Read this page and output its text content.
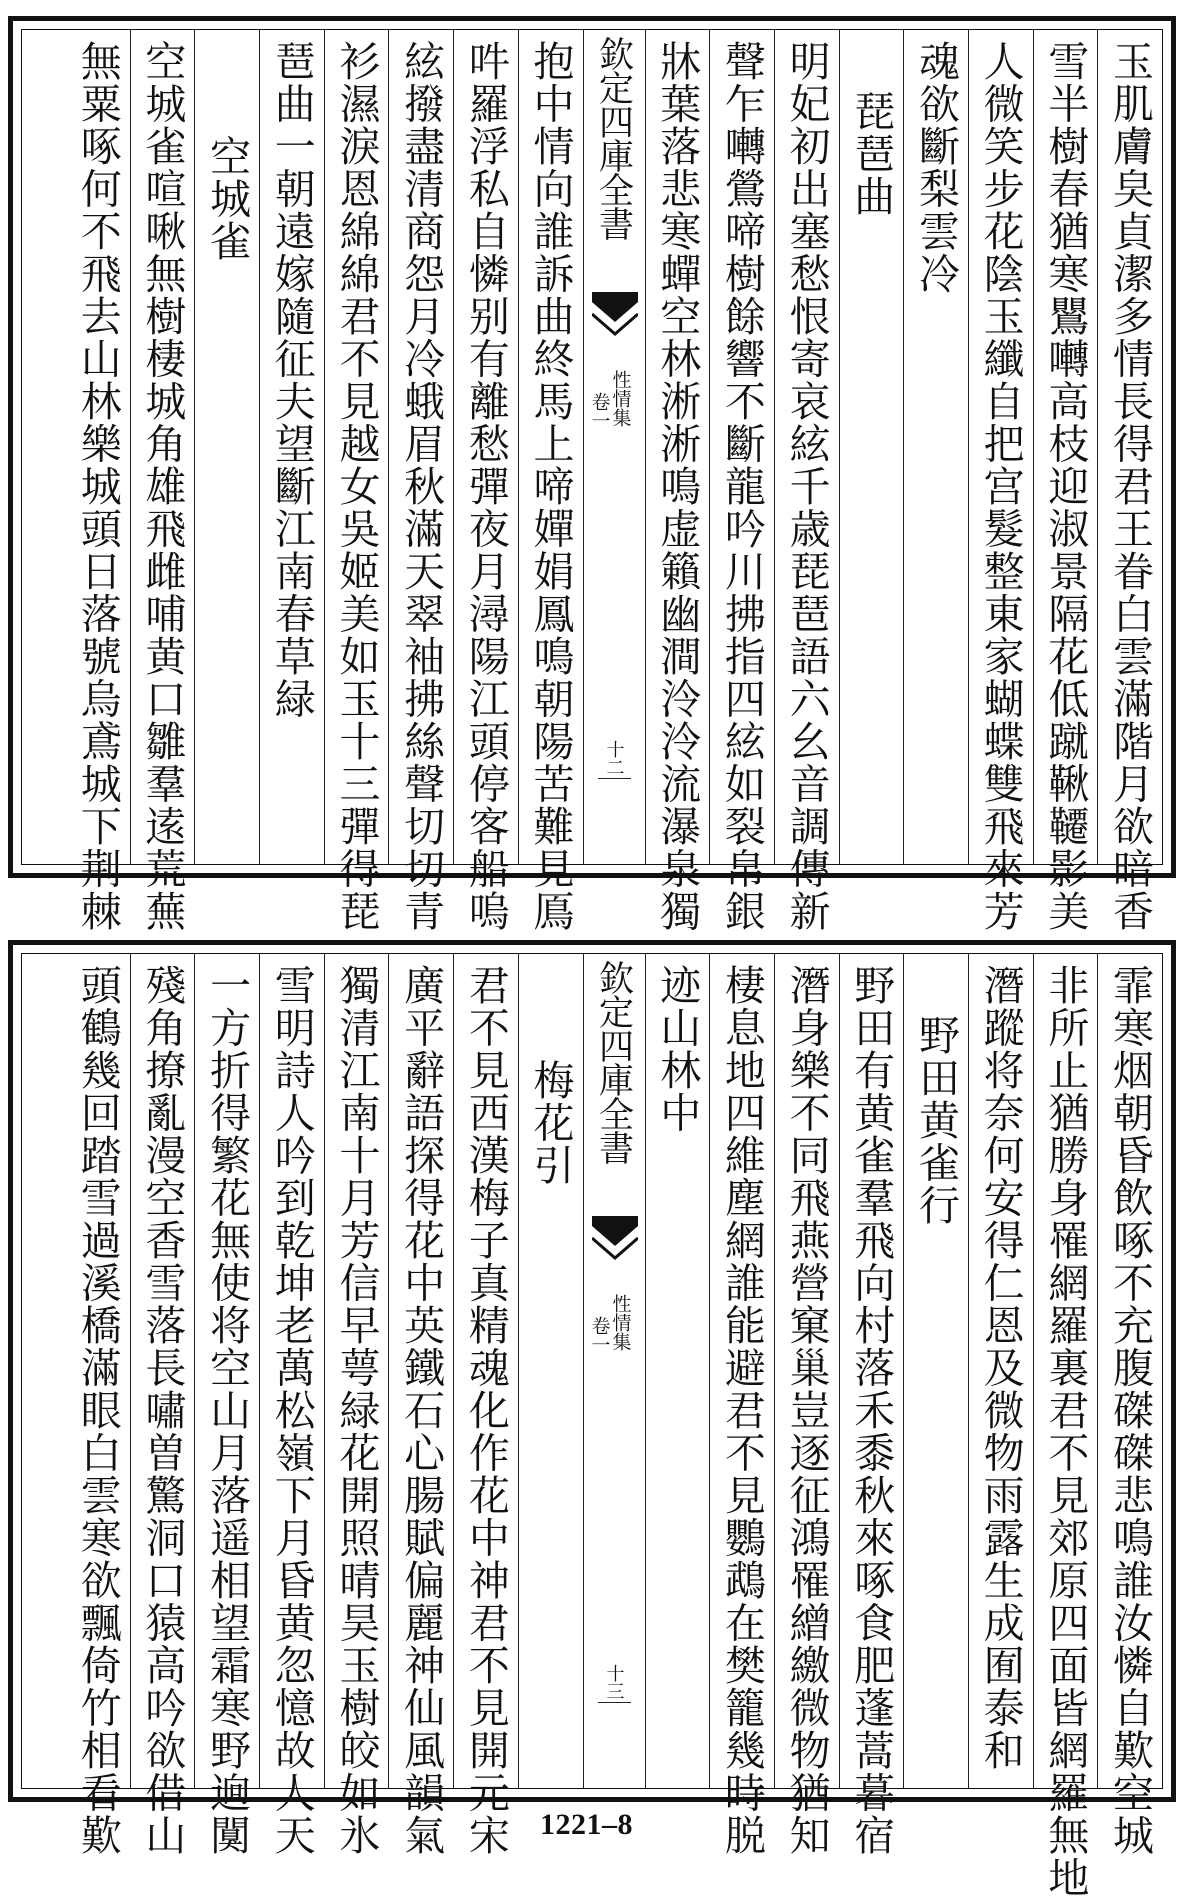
玉肌膚㚖貞潔多情長得君王眷白雲滿階月欲暗香
雪半樹春猶寒鸎囀高枝迎淑景隔花低蹴鞦韆影美
人微笑步花陰玉纖自把宫髮整東家蝴蝶雙飛來芳
魂欲斷梨雲冷
琵琶曲
明妃初出塞愁恨寄哀絃千歳琵琶語六幺音調傳新
聲乍囀鶯啼樹餘響不斷龍吟川拂指四絃如裂帛銀
牀葉落悲寒蟬空林淅淅鳴虚籟幽澗泠泠流瀑泉獨
欽定四庫全書
性情集
卷一
十二
抱中情向誰訴曲終馬上啼嬋娟鳳鳴朝陽苦難見鳫
吽羅浮私自憐别有離愁彈夜月潯陽江頭停客船嗚
絃撥盡清商怨月冷蛾眉秋滿天翠袖拂絲聲切切青
衫濕淚恩綿綿君不見越女吳姬美如玉十三彈得琵
琶曲一朝遠嫁隨征夫望斷江南春草緑
空城雀
空城雀喧啾無樹棲城角雄飛雌哺黄口雛羣逺荒蕪
無粟啄何不飛去山林樂城頭日落號烏鳶城下荆棘
霏寒烟朝昏飲啄不充腹磔磔悲鳴誰汝憐自歎空城
非所止猶勝身罹網羅裏君不見郊原四面皆網羅無地
潛蹤将奈何安得仁恩及微物雨露生成囿泰和
野田黄雀行
野田有黄雀羣飛向村落禾黍秋來啄食肥蓬蒿暮宿
潛身樂不同飛燕營窠巢豈逐征鴻罹繒繳微物猶知
棲息地四維塵網誰能避君不見鸚鵡在樊籠幾時脱
迹山林中
欽定四庫全書
性情集
卷一
十三
梅花引
君不見西漢梅子真精魂化作花中神君不見開元宋
廣平辭語探得花中英鐵石心腸賦偏麗神仙風韻氣
獨清江南十月芳信早萼緑花開照晴昊玉樹皎如氷
雪明詩人吟到乾坤老萬松嶺下月昏黄忽憶故人天
一方折得繁花無使将空山月落遥相望霜寒野逈闃
殘角撩亂漫空香雪落長嘯曽驚洞口猿高吟欲借山
頭鶴幾回踏雪過溪橋滿眼白雲寒欲飄倚竹相看歎	1221–8
